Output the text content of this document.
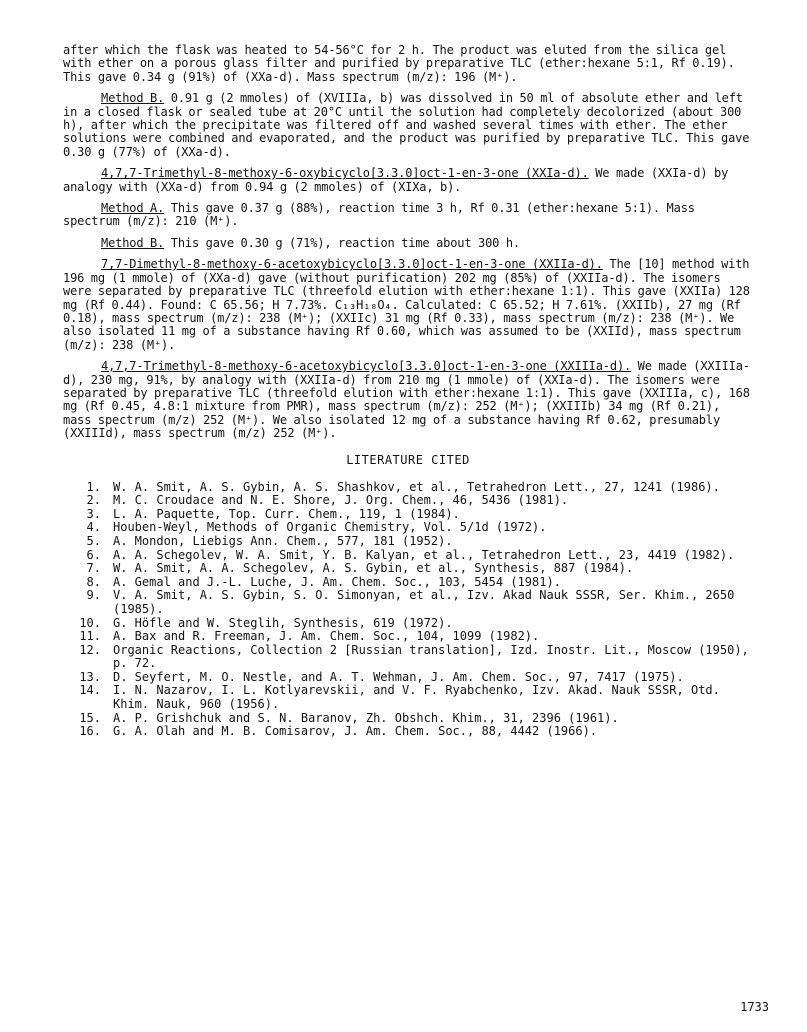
after which the flask was heated to 54-56°C for 2 h. The product was eluted from the silica gel with ether on a porous glass filter and purified by preparative TLC (ether:hexane 5:1, Rf 0.19). This gave 0.34 g (91%) of (XXa-d). Mass spectrum (m/z): 196 (M⁺).

Method B. 0.91 g (2 mmoles) of (XVIIIa, b) was dissolved in 50 ml of absolute ether and left in a closed flask or sealed tube at 20°C until the solution had completely decolorized (about 300 h), after which the precipitate was filtered off and washed several times with ether. The ether solutions were combined and evaporated, and the product was purified by preparative TLC. This gave 0.30 g (77%) of (XXa-d).

4,7,7-Trimethyl-8-methoxy-6-oxybicyclo[3.3.0]oct-1-en-3-one (XXIa-d). We made (XXIa-d) by analogy with (XXa-d) from 0.94 g (2 mmoles) of (XIXa, b).

Method A. This gave 0.37 g (88%), reaction time 3 h, Rf 0.31 (ether:hexane 5:1). Mass spectrum (m/z): 210 (M⁺).

Method B. This gave 0.30 g (71%), reaction time about 300 h.

7,7-Dimethyl-8-methoxy-6-acetoxybicyclo[3.3.0]oct-1-en-3-one (XXIIa-d). The [10] method with 196 mg (1 mmole) of (XXa-d) gave (without purification) 202 mg (85%) of (XXIIa-d). The isomers were separated by preparative TLC (threefold elution with ether:hexane 1:1). This gave (XXIIa) 128 mg (Rf 0.44). Found: C 65.56; H 7.73%. C₁₃H₁₈O₄. Calculated: C 65.52; H 7.61%. (XXIIb), 27 mg (Rf 0.18), mass spectrum (m/z): 238 (M⁺); (XXIIc) 31 mg (Rf 0.33), mass spectrum (m/z): 238 (M⁺). We also isolated 11 mg of a substance having Rf 0.60, which was assumed to be (XXIId), mass spectrum (m/z): 238 (M⁺).

4,7,7-Trimethyl-8-methoxy-6-acetoxybicyclo[3.3.0]oct-1-en-3-one (XXIIIa-d). We made (XXIIIa-d), 230 mg, 91%, by analogy with (XXIIa-d) from 210 mg (1 mmole) of (XXIa-d). The isomers were separated by preparative TLC (threefold elution with ether:hexane 1:1). This gave (XXIIIa, c), 168 mg (Rf 0.45, 4.8:1 mixture from PMR), mass spectrum (m/z): 252 (M⁺); (XXIIIb) 34 mg (Rf 0.21), mass spectrum (m/z) 252 (M⁺). We also isolated 12 mg of a substance having Rf 0.62, presumably (XXIIId), mass spectrum (m/z) 252 (M⁺).

LITERATURE CITED
1.	W. A. Smit, A. S. Gybin, A. S. Shashkov, et al., Tetrahedron Lett., 27, 1241 (1986).
2.	M. C. Croudace and N. E. Shore, J. Org. Chem., 46, 5436 (1981).
3.	L. A. Paquette, Top. Curr. Chem., 119, 1 (1984).
4.	Houben-Weyl, Methods of Organic Chemistry, Vol. 5/1d (1972).
5.	A. Mondon, Liebigs Ann. Chem., 577, 181 (1952).
6.	A. A. Schegolev, W. A. Smit, Y. B. Kalyan, et al., Tetrahedron Lett., 23, 4419 (1982).
7.	W. A. Smit, A. A. Schegolev, A. S. Gybin, et al., Synthesis, 887 (1984).
8.	A. Gemal and J.-L. Luche, J. Am. Chem. Soc., 103, 5454 (1981).
9.	V. A. Smit, A. S. Gybin, S. O. Simonyan, et al., Izv. Akad Nauk SSSR, Ser. Khim., 2650 (1985).
10.	G. Höfle and W. Steglih, Synthesis, 619 (1972).
11.	A. Bax and R. Freeman, J. Am. Chem. Soc., 104, 1099 (1982).
12.	Organic Reactions, Collection 2 [Russian translation], Izd. Inostr. Lit., Moscow (1950), p. 72.
13.	D. Seyfert, M. O. Nestle, and A. T. Wehman, J. Am. Chem. Soc., 97, 7417 (1975).
14.	I. N. Nazarov, I. L. Kotlyarevskii, and V. F. Ryabchenko, Izv. Akad. Nauk SSSR, Otd. Khim. Nauk, 960 (1956).
15.	A. P. Grishchuk and S. N. Baranov, Zh. Obshch. Khim., 31, 2396 (1961).
16.	G. A. Olah and M. B. Comisarov, J. Am. Chem. Soc., 88, 4442 (1966).
1733
